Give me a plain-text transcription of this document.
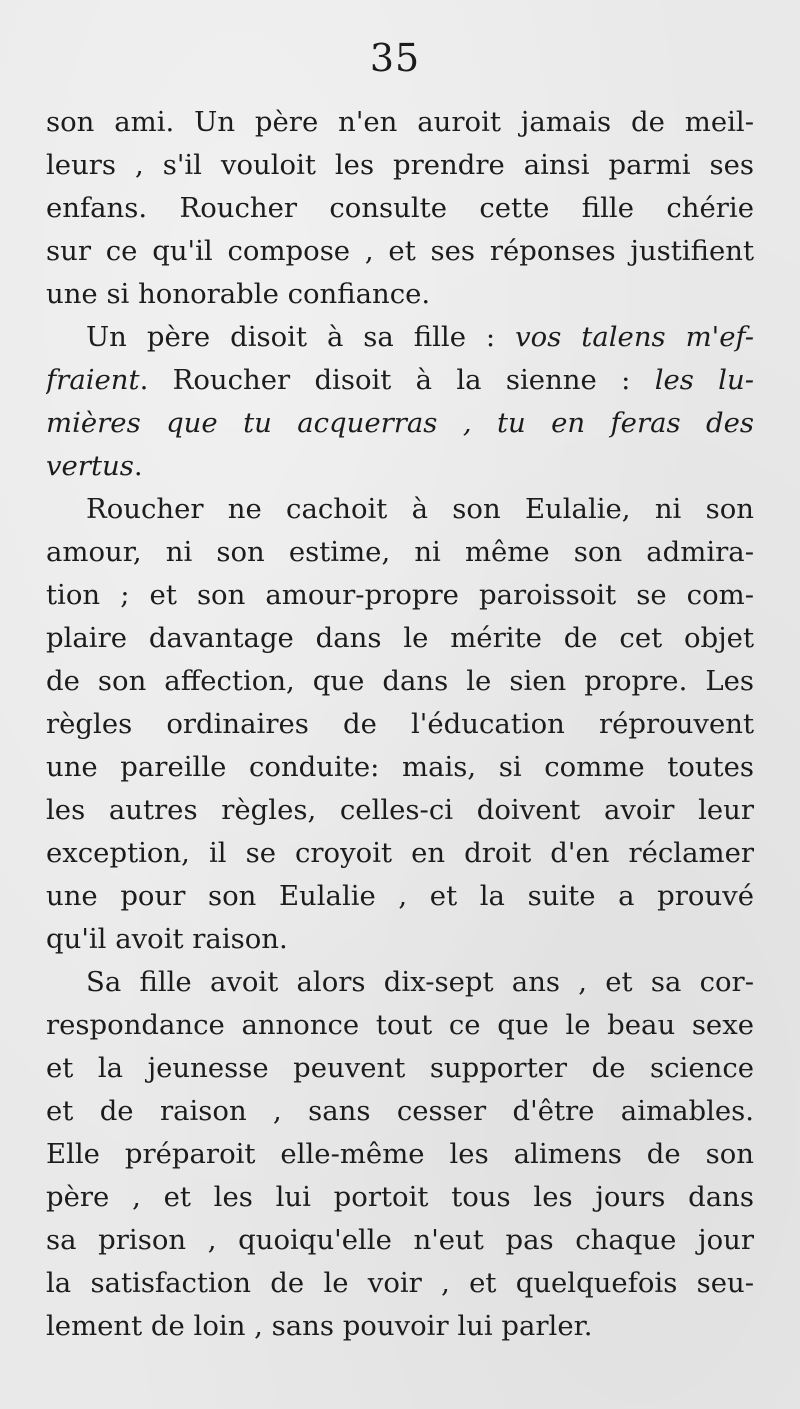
35
son ami. Un père n'en auroit jamais de meil-
leurs , s'il vouloit les prendre ainsi parmi ses
enfans. Roucher consulte cette fille chérie
sur ce qu'il compose , et ses réponses justifient
une si honorable confiance.
Un père disoit à sa fille : vos talens m'ef-
fraient. Roucher disoit à la sienne : les lu-
mières que tu acquerras , tu en feras des
vertus.
Roucher ne cachoit à son Eulalie, ni son
amour, ni son estime, ni même son admira-
tion ; et son amour-propre paroissoit se com-
plaire davantage dans le mérite de cet objet
de son affection, que dans le sien propre. Les
règles ordinaires de l'éducation réprouvent
une pareille conduite: mais, si comme toutes
les autres règles, celles-ci doivent avoir leur
exception, il se croyoit en droit d'en réclamer
une pour son Eulalie , et la suite a prouvé
qu'il avoit raison.
Sa fille avoit alors dix-sept ans , et sa cor-
respondance annonce tout ce que le beau sexe
et la jeunesse peuvent supporter de science
et de raison , sans cesser d'être aimables.
Elle préparoit elle-même les alimens de son
père , et les lui portoit tous les jours dans
sa prison , quoiqu'elle n'eut pas chaque jour
la satisfaction de le voir , et quelquefois seu-
lement de loin , sans pouvoir lui parler.
